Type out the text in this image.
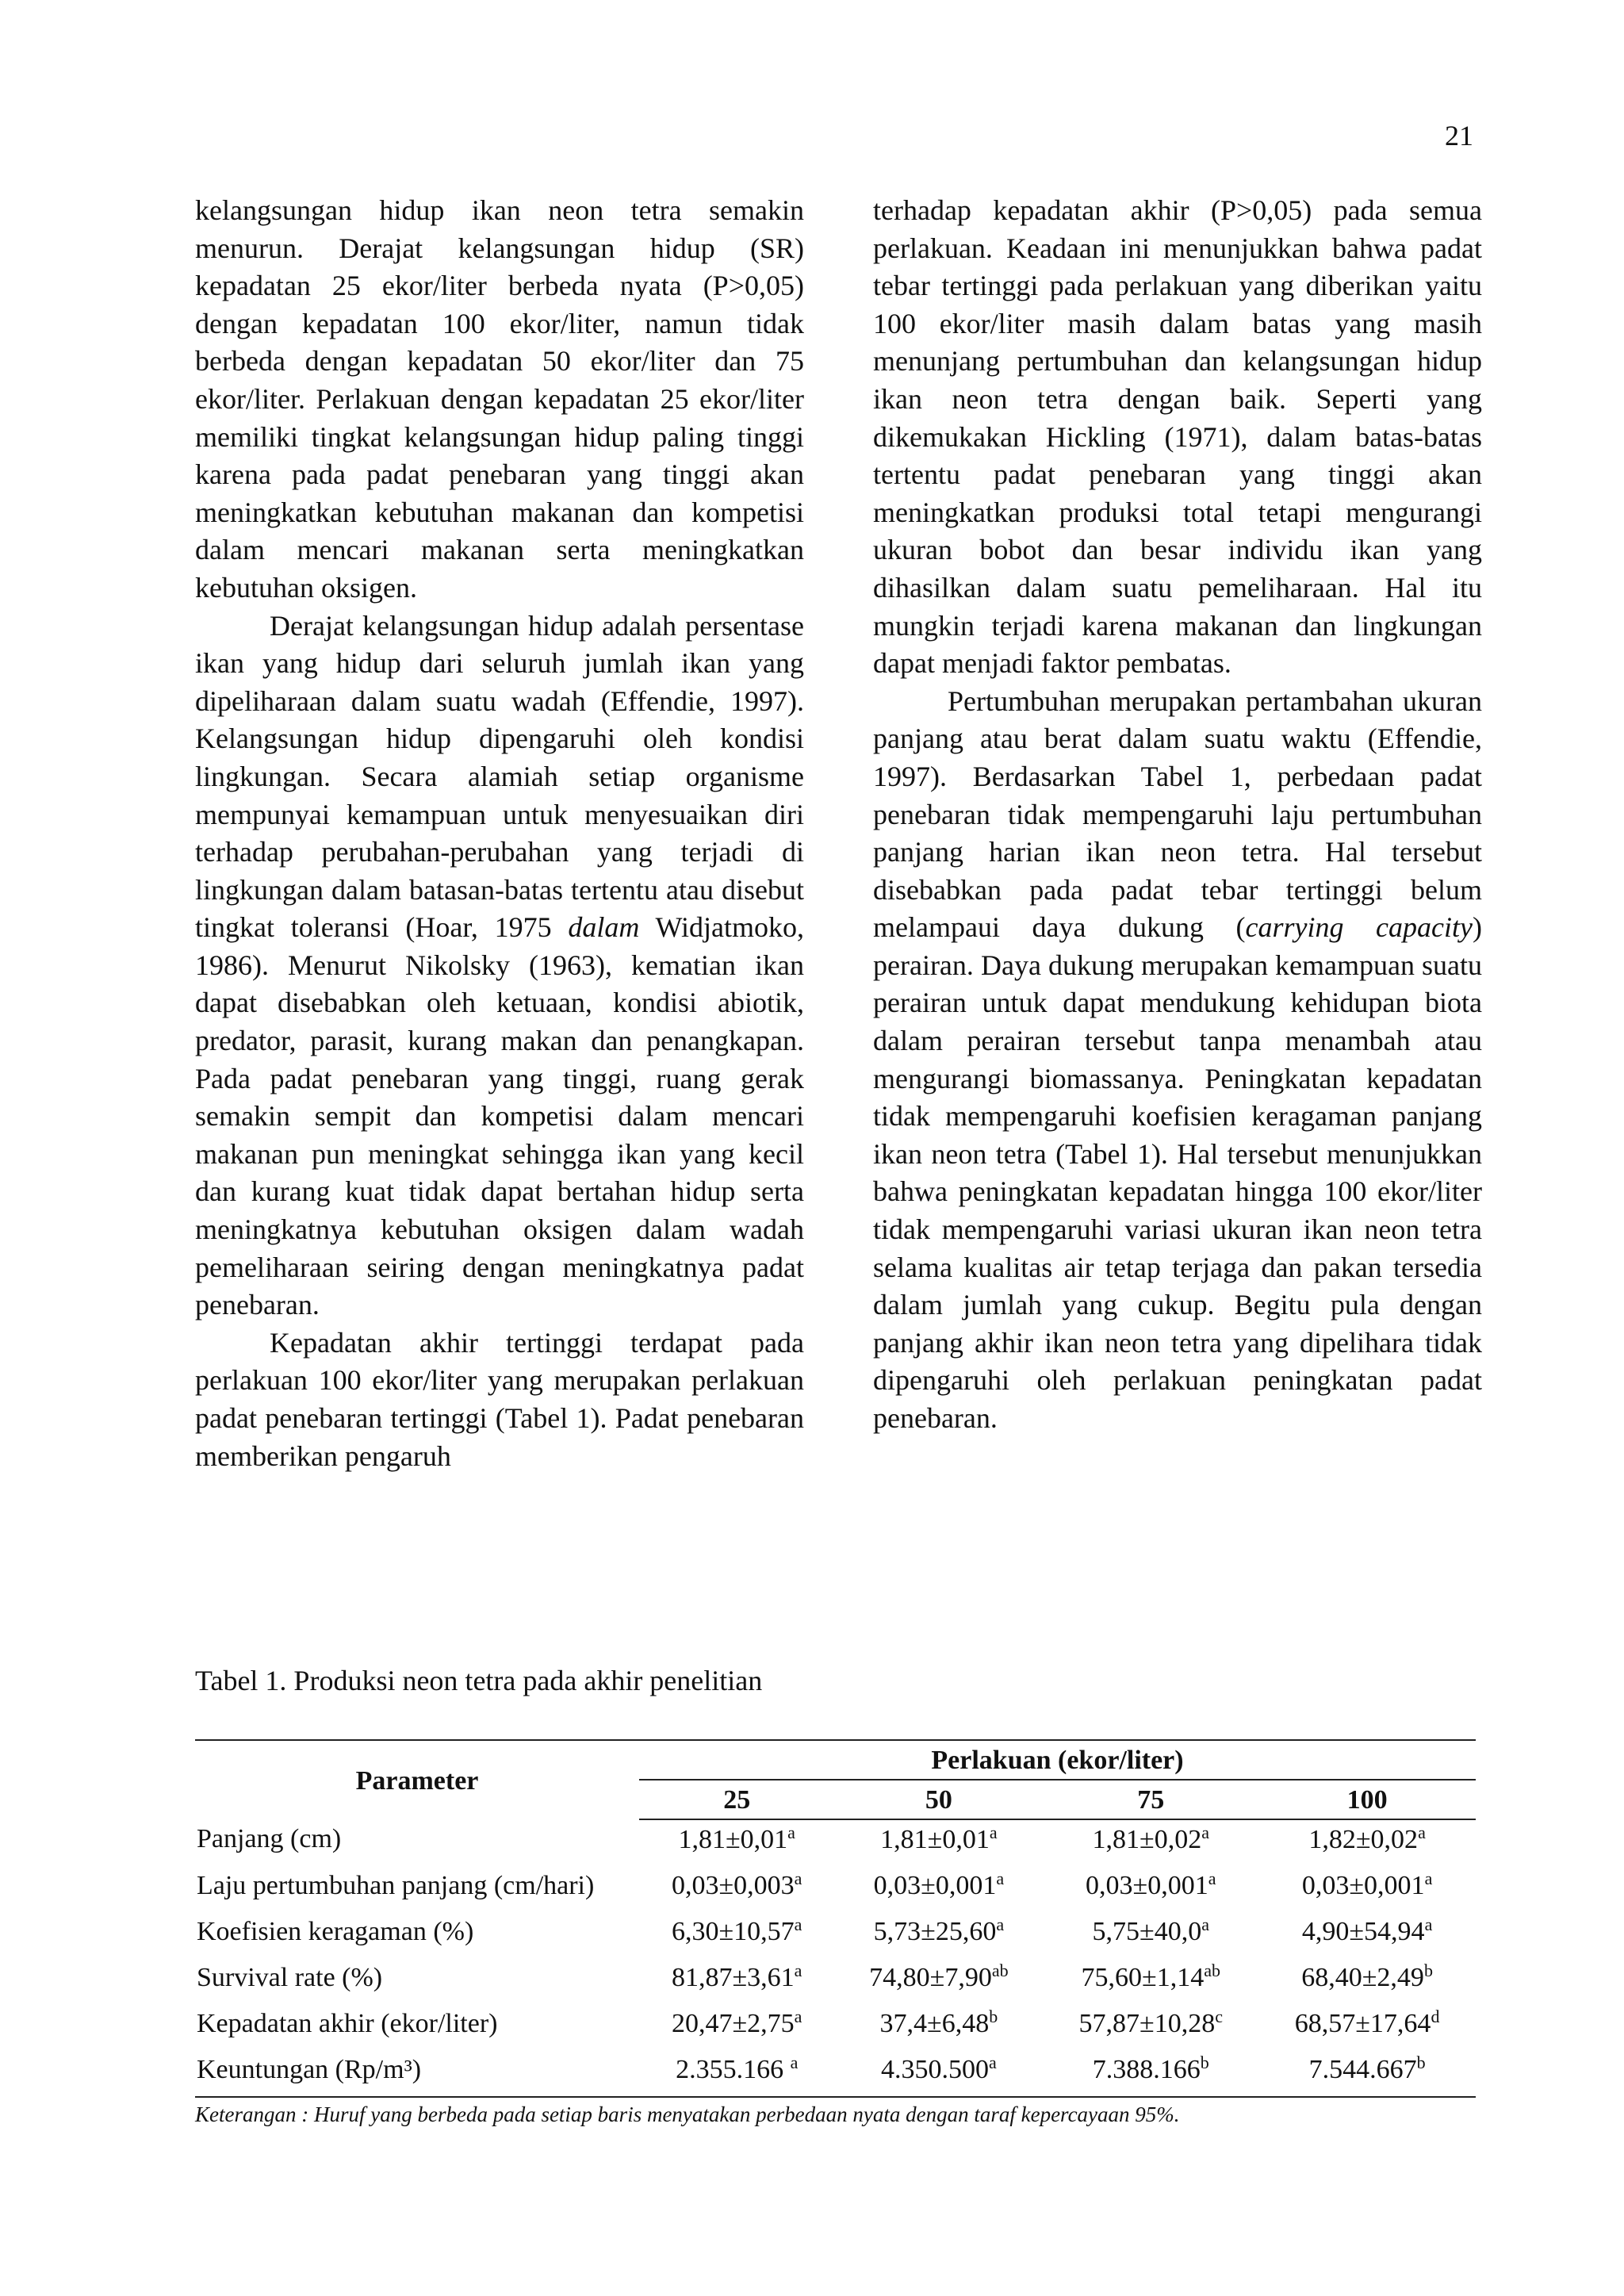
21

kelangsungan hidup ikan neon tetra semakin menurun. Derajat kelangsungan hidup (SR) kepadatan 25 ekor/liter berbeda nyata (P>0,05) dengan kepadatan 100 ekor/liter, namun tidak berbeda dengan kepadatan 50 ekor/liter dan 75 ekor/liter. Perlakuan dengan kepadatan 25 ekor/liter memiliki tingkat kelangsungan hidup paling tinggi karena pada padat penebaran yang tinggi akan meningkatkan kebutuhan makanan dan kompetisi dalam mencari makanan serta meningkatkan kebutuhan oksigen.

Derajat kelangsungan hidup adalah persentase ikan yang hidup dari seluruh jumlah ikan yang dipeliharaan dalam suatu wadah (Effendie, 1997). Kelangsungan hidup dipengaruhi oleh kondisi lingkungan. Secara alamiah setiap organisme mempunyai kemampuan untuk menyesuaikan diri terhadap perubahan-perubahan yang terjadi di lingkungan dalam batasan-batas tertentu atau disebut tingkat toleransi (Hoar, 1975 dalam Widjatmoko, 1986). Menurut Nikolsky (1963), kematian ikan dapat disebabkan oleh ketuaan, kondisi abiotik, predator, parasit, kurang makan dan penangkapan. Pada padat penebaran yang tinggi, ruang gerak semakin sempit dan kompetisi dalam mencari makanan pun meningkat sehingga ikan yang kecil dan kurang kuat tidak dapat bertahan hidup serta meningkatnya kebutuhan oksigen dalam wadah pemeliharaan seiring dengan meningkatnya padat penebaran.

Kepadatan akhir tertinggi terdapat pada perlakuan 100 ekor/liter yang merupakan perlakuan padat penebaran tertinggi (Tabel 1). Padat penebaran memberikan pengaruh

terhadap kepadatan akhir (P>0,05) pada semua perlakuan. Keadaan ini menunjukkan bahwa padat tebar tertinggi pada perlakuan yang diberikan yaitu 100 ekor/liter masih dalam batas yang masih menunjang pertumbuhan dan kelangsungan hidup ikan neon tetra dengan baik. Seperti yang dikemukakan Hickling (1971), dalam batas-batas tertentu padat penebaran yang tinggi akan meningkatkan produksi total tetapi mengurangi ukuran bobot dan besar individu ikan yang dihasilkan dalam suatu pemeliharaan. Hal itu mungkin terjadi karena makanan dan lingkungan dapat menjadi faktor pembatas.

Pertumbuhan merupakan pertambahan ukuran panjang atau berat dalam suatu waktu (Effendie, 1997). Berdasarkan Tabel 1, perbedaan padat penebaran tidak mempengaruhi laju pertumbuhan panjang harian ikan neon tetra. Hal tersebut disebabkan pada padat tebar tertinggi belum melampaui daya dukung (carrying capacity) perairan. Daya dukung merupakan kemampuan suatu perairan untuk dapat mendukung kehidupan biota dalam perairan tersebut tanpa menambah atau mengurangi biomassanya. Peningkatan kepadatan tidak mempengaruhi koefisien keragaman panjang ikan neon tetra (Tabel 1). Hal tersebut menunjukkan bahwa peningkatan kepadatan hingga 100 ekor/liter tidak mempengaruhi variasi ukuran ikan neon tetra selama kualitas air tetap terjaga dan pakan tersedia dalam jumlah yang cukup. Begitu pula dengan panjang akhir ikan neon tetra yang dipelihara tidak dipengaruhi oleh perlakuan peningkatan padat penebaran.

Tabel 1. Produksi neon tetra pada akhir penelitian
Parameter	Perlakuan (ekor/liter)			
	25	50	75	100
Panjang (cm)	1,81±0,01$^a$	1,81±0,01$^a$	1,81±0,02$^a$	1,82±0,02$^a$
Laju pertumbuhan panjang (cm/hari)	0,03±0,003$^a$	0,03±0,001$^a$	0,03±0,001$^a$	0,03±0,001$^a$
Koefisien keragaman (%)	6,30±10,57$^a$	5,73±25,60$^a$	5,75±40,0$^a$	4,90±54,94$^a$
Survival rate (%)	81,87±3,61$^a$	74,80±7,90$^{ab}$	75,60±1,14$^{ab}$	68,40±2,49$^b$
Kepadatan akhir (ekor/liter)	20,47±2,75$^a$	37,4±6,48$^b$	57,87±10,28$^c$	68,57±17,64$^d$
Keuntungan (Rp/m³)	2.355.166 $^a$	4.350.500$^a$	7.388.166$^b$	7.544.667$^b$
Keterangan : Huruf yang berbeda pada setiap baris menyatakan perbedaan nyata dengan taraf kepercayaan 95%.
